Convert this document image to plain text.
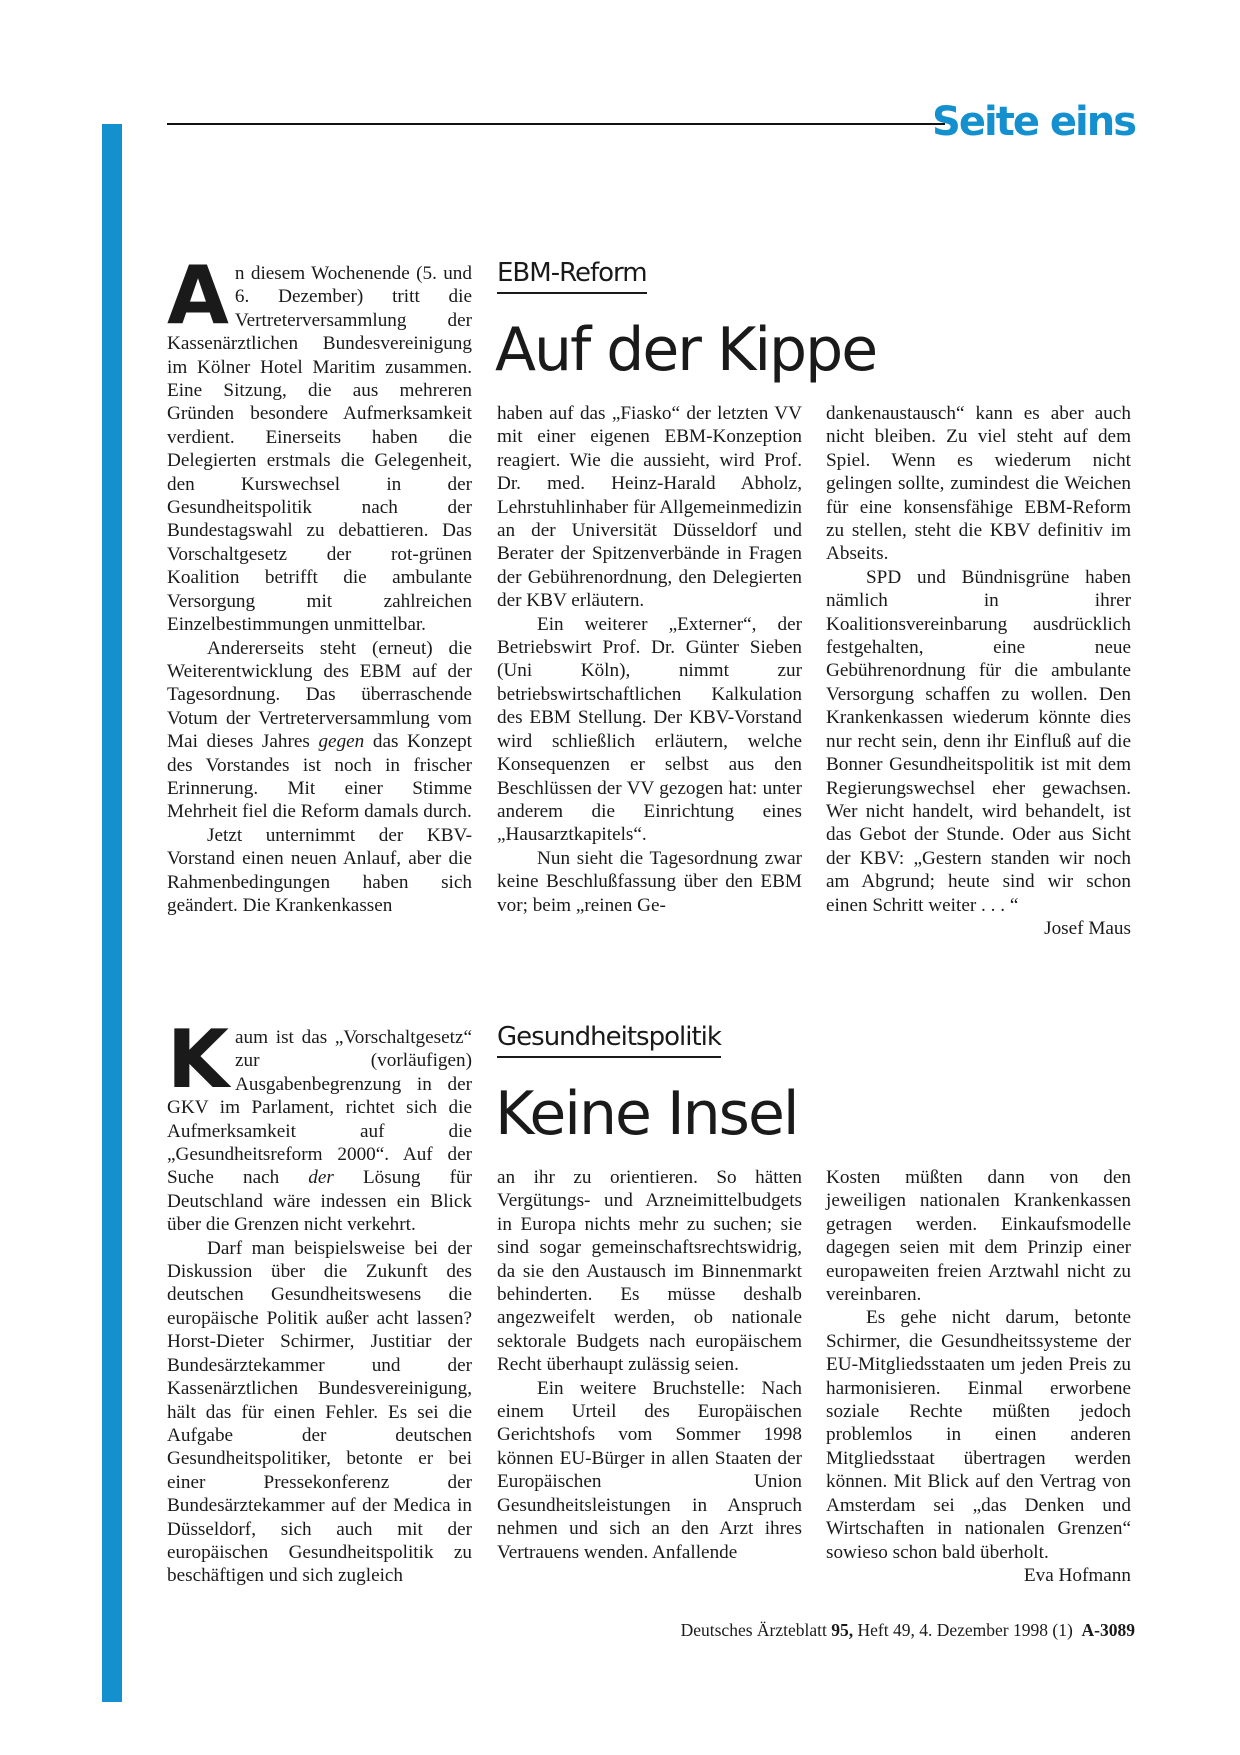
Seite eins

An diesem Wochenende (5. und 6. Dezember) tritt die Vertreterversammlung der Kassenärztlichen Bundesvereinigung im Kölner Hotel Maritim zusammen. Eine Sitzung, die aus mehreren Gründen besondere Aufmerksamkeit verdient. Einerseits haben die Delegierten erstmals die Gelegenheit, den Kurswechsel in der Gesundheitspolitik nach der Bundestagswahl zu debattieren. Das Vorschaltgesetz der rot-grünen Koalition betrifft die ambulante Versorgung mit zahlreichen Einzelbestimmungen unmittelbar.

Andererseits steht (erneut) die Weiterentwicklung des EBM auf der Tagesordnung. Das überraschende Votum der Vertreterversammlung vom Mai dieses Jahres gegen das Konzept des Vorstandes ist noch in frischer Erinnerung. Mit einer Stimme Mehrheit fiel die Reform damals durch.

Jetzt unternimmt der KBV-Vorstand einen neuen Anlauf, aber die Rahmenbedingungen haben sich geändert. Die Krankenkassen

EBM-Reform
Auf der Kippe

haben auf das „Fiasko“ der letzten VV mit einer eigenen EBM-Konzeption reagiert. Wie die aussieht, wird Prof. Dr. med. Heinz-Harald Abholz, Lehrstuhlinhaber für Allgemeinmedizin an der Universität Düsseldorf und Berater der Spitzenverbände in Fragen der Gebührenordnung, den Delegierten der KBV erläutern.

Ein weiterer „Externer“, der Betriebswirt Prof. Dr. Günter Sieben (Uni Köln), nimmt zur betriebswirtschaftlichen Kalkulation des EBM Stellung. Der KBV-Vorstand wird schließlich erläutern, welche Konsequenzen er selbst aus den Beschlüssen der VV gezogen hat: unter anderem die Einrichtung eines „Hausarztkapitels“.

Nun sieht die Tagesordnung zwar keine Beschlußfassung über den EBM vor; beim „reinen Ge-

dankenaustausch“ kann es aber auch nicht bleiben. Zu viel steht auf dem Spiel. Wenn es wiederum nicht gelingen sollte, zumindest die Weichen für eine konsensfähige EBM-Reform zu stellen, steht die KBV definitiv im Abseits.

SPD und Bündnisgrüne haben nämlich in ihrer Koalitionsvereinbarung ausdrücklich festgehalten, eine neue Gebührenordnung für die ambulante Versorgung schaffen zu wollen. Den Krankenkassen wiederum könnte dies nur recht sein, denn ihr Einfluß auf die Bonner Gesundheitspolitik ist mit dem Regierungswechsel eher gewachsen. Wer nicht handelt, wird behandelt, ist das Gebot der Stunde. Oder aus Sicht der KBV: „Gestern standen wir noch am Abgrund; heute sind wir schon einen Schritt weiter . . . “
Josef Maus

Kaum ist das „Vorschaltgesetz“ zur (vorläufigen) Ausgabenbegrenzung in der GKV im Parlament, richtet sich die Aufmerksamkeit auf die „Gesundheitsreform 2000“. Auf der Suche nach der Lösung für Deutschland wäre indessen ein Blick über die Grenzen nicht verkehrt.

Darf man beispielsweise bei der Diskussion über die Zukunft des deutschen Gesundheitswesens die europäische Politik außer acht lassen? Horst-Dieter Schirmer, Justitiar der Bundesärztekammer und der Kassenärztlichen Bundesvereinigung, hält das für einen Fehler. Es sei die Aufgabe der deutschen Gesundheitspolitiker, betonte er bei einer Pressekonferenz der Bundesärztekammer auf der Medica in Düsseldorf, sich auch mit der europäischen Gesundheitspolitik zu beschäftigen und sich zugleich

Gesundheitspolitik
Keine Insel

an ihr zu orientieren. So hätten Vergütungs- und Arzneimittelbudgets in Europa nichts mehr zu suchen; sie sind sogar gemeinschaftsrechtswidrig, da sie den Austausch im Binnenmarkt behinderten. Es müsse deshalb angezweifelt werden, ob nationale sektorale Budgets nach europäischem Recht überhaupt zulässig seien.

Ein weitere Bruchstelle: Nach einem Urteil des Europäischen Gerichtshofs vom Sommer 1998 können EU-Bürger in allen Staaten der Europäischen Union Gesundheitsleistungen in Anspruch nehmen und sich an den Arzt ihres Vertrauens wenden. Anfallende

Kosten müßten dann von den jeweiligen nationalen Krankenkassen getragen werden. Einkaufsmodelle dagegen seien mit dem Prinzip einer europaweiten freien Arztwahl nicht zu vereinbaren.

Es gehe nicht darum, betonte Schirmer, die Gesundheitssysteme der EU-Mitgliedsstaaten um jeden Preis zu harmonisieren. Einmal erworbene soziale Rechte müßten jedoch problemlos in einen anderen Mitgliedsstaat übertragen werden können. Mit Blick auf den Vertrag von Amsterdam sei „das Denken und Wirtschaften in nationalen Grenzen“ sowieso schon bald überholt.
Eva Hofmann

Deutsches Ärzteblatt 95, Heft 49, 4. Dezember 1998 (1) A-3089
